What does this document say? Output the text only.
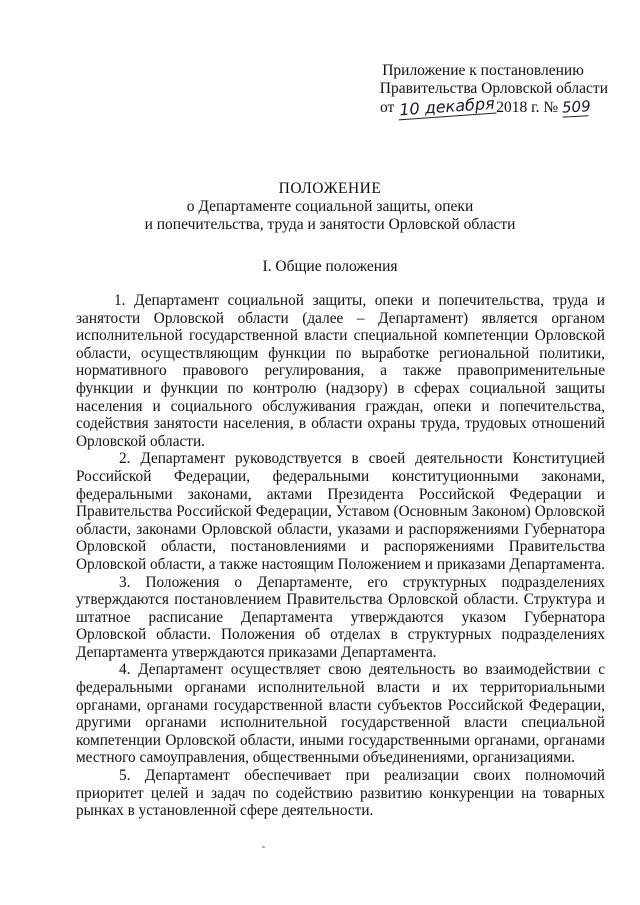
Приложение к постановлению
Правительства Орловской области
от 10 декабря2018 г. № 509
ПОЛОЖЕНИЕ
о Департаменте социальной защиты, опеки
и попечительства, труда и занятости Орловской области
I. Общие положения

1. Департамент социальной защиты, опеки и попечительства, труда и занятости Орловской области (далее – Департамент) является органом исполнительной государственной власти специальной компетенции Орловской области, осуществляющим функции по выработке региональной политики, нормативного правового регулирования, а также правоприменительные функции и функции по контролю (надзору) в сферах социальной защиты населения и социального обслуживания граждан, опеки и попечительства, содействия занятости населения, в области охраны труда, трудовых отношений Орловской области.

2. Департамент руководствуется в своей деятельности Конституцией Российской Федерации, федеральными конституционными законами, федеральными законами, актами Президента Российской Федерации и Правительства Российской Федерации, Уставом (Основным Законом) Орловской области, законами Орловской области, указами и распоряжениями Губернатора Орловской области, постановлениями и распоряжениями Правительства Орловской области, а также настоящим Положением и приказами Департамента.

3. Положения о Департаменте, его структурных подразделениях утверждаются постановлением Правительства Орловской области. Структура и штатное расписание Департамента утверждаются указом Губернатора Орловской области. Положения об отделах в структурных подразделениях Департамента утверждаются приказами Департамента.

4. Департамент осуществляет свою деятельность во взаимодействии с федеральными органами исполнительной власти и их территориальными органами, органами государственной власти субъектов Российской Федерации, другими органами исполнительной государственной власти специальной компетенции Орловской области, иными государственными органами, органами местного самоуправления, общественными объединениями, организациями.

5. Департамент обеспечивает при реализации своих полномочий приоритет целей и задач по содействию развитию конкуренции на товарных рынках в установленной сфере деятельности.
